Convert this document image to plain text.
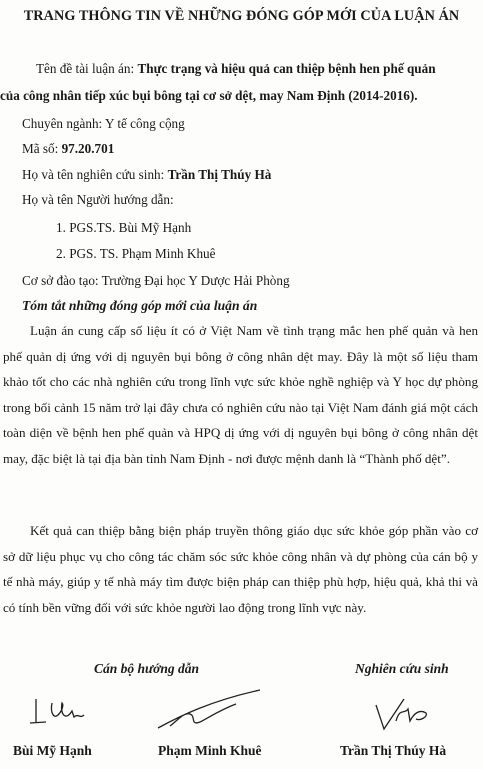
TRANG THÔNG TIN VỀ NHỮNG ĐÓNG GÓP MỚI CỦA LUẬN ÁN
Tên đề tài luận án: Thực trạng và hiệu quả can thiệp bệnh hen phế quản
của công nhân tiếp xúc bụi bông tại cơ sở dệt, may Nam Định (2014-2016).
Chuyên ngành: Y tế công cộng
Mã số: 97.20.701
Họ và tên nghiên cứu sinh: Trần Thị Thúy Hà
Họ và tên Người hướng dẫn:
1. PGS.TS. Bùi Mỹ Hạnh
2. PGS. TS. Phạm Minh Khuê
Cơ sở đào tạo: Trường Đại học Y Dược Hải Phòng
Tóm tắt những đóng góp mới của luận án
Luận án cung cấp số liệu ít có ở Việt Nam về tình trạng mắc hen phế quản và hen phế quản dị ứng với dị nguyên bụi bông ở công nhân dệt may. Đây là một số liệu tham khảo tốt cho các nhà nghiên cứu trong lĩnh vực sức khỏe nghề nghiệp và Y học dự phòng trong bối cảnh 15 năm trở lại đây chưa có nghiên cứu nào tại Việt Nam đánh giá một cách toàn diện về bệnh hen phế quản và HPQ dị ứng với dị nguyên bụi bông ở công nhân dệt may, đặc biệt là tại địa bàn tỉnh Nam Định - nơi được mệnh danh là “Thành phố dệt”.
Kết quả can thiệp bằng biện pháp truyền thông giáo dục sức khỏe góp phần vào cơ sở dữ liệu phục vụ cho công tác chăm sóc sức khỏe công nhân và dự phòng của cán bộ y tế nhà máy, giúp y tế nhà máy tìm được biện pháp can thiệp phù hợp, hiệu quả, khả thi và có tính bền vững đối với sức khỏe người lao động trong lĩnh vực này.
Cán bộ hướng dẫn	Nghiên cứu sinh
Bùi Mỹ Hạnh	Phạm Minh Khuê	Trần Thị Thúy Hà
